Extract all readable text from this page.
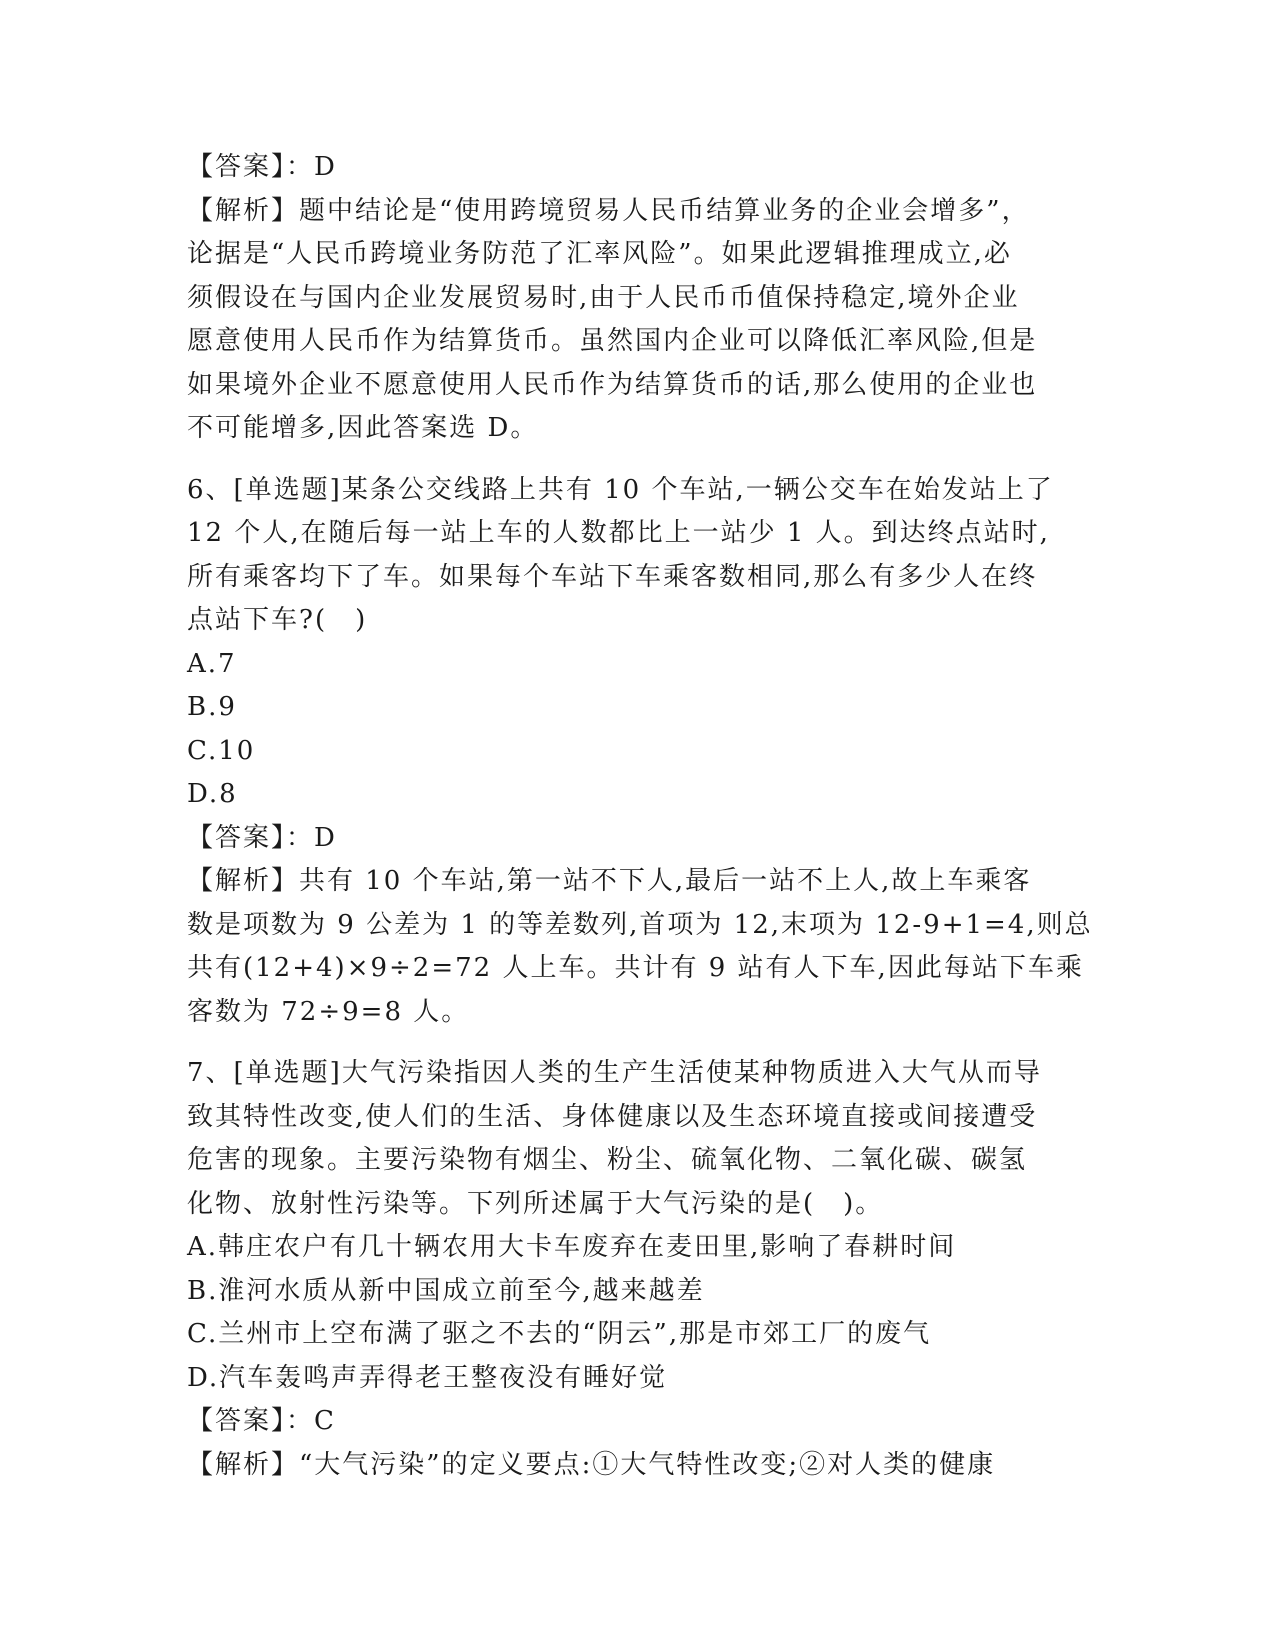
【答案】：D
【解析】题中结论是“使用跨境贸易人民币结算业务的企业会增多”，
论据是“人民币跨境业务防范了汇率风险”。如果此逻辑推理成立,必
须假设在与国内企业发展贸易时,由于人民币币值保持稳定,境外企业
愿意使用人民币作为结算货币。虽然国内企业可以降低汇率风险,但是
如果境外企业不愿意使用人民币作为结算货币的话,那么使用的企业也
不可能增多,因此答案选 D。
6、[单选题]某条公交线路上共有 10 个车站,一辆公交车在始发站上了
12 个人,在随后每一站上车的人数都比上一站少 1 人。到达终点站时,
所有乘客均下了车。如果每个车站下车乘客数相同,那么有多少人在终
点站下车?(　)
A.7
B.9
C.10
D.8
【答案】：D
【解析】共有 10 个车站,第一站不下人,最后一站不上人,故上车乘客
数是项数为 9 公差为 1 的等差数列,首项为 12,末项为 12-9+1=4,则总
共有(12+4)×9÷2=72 人上车。共计有 9 站有人下车,因此每站下车乘
客数为 72÷9=8 人。
7、[单选题]大气污染指因人类的生产生活使某种物质进入大气从而导
致其特性改变,使人们的生活、身体健康以及生态环境直接或间接遭受
危害的现象。主要污染物有烟尘、粉尘、硫氧化物、二氧化碳、碳氢
化物、放射性污染等。下列所述属于大气污染的是(　)。
A.韩庄农户有几十辆农用大卡车废弃在麦田里,影响了春耕时间
B.淮河水质从新中国成立前至今,越来越差
C.兰州市上空布满了驱之不去的“阴云”,那是市郊工厂的废气
D.汽车轰鸣声弄得老王整夜没有睡好觉
【答案】：C
【解析】“大气污染”的定义要点:①大气特性改变;②对人类的健康
